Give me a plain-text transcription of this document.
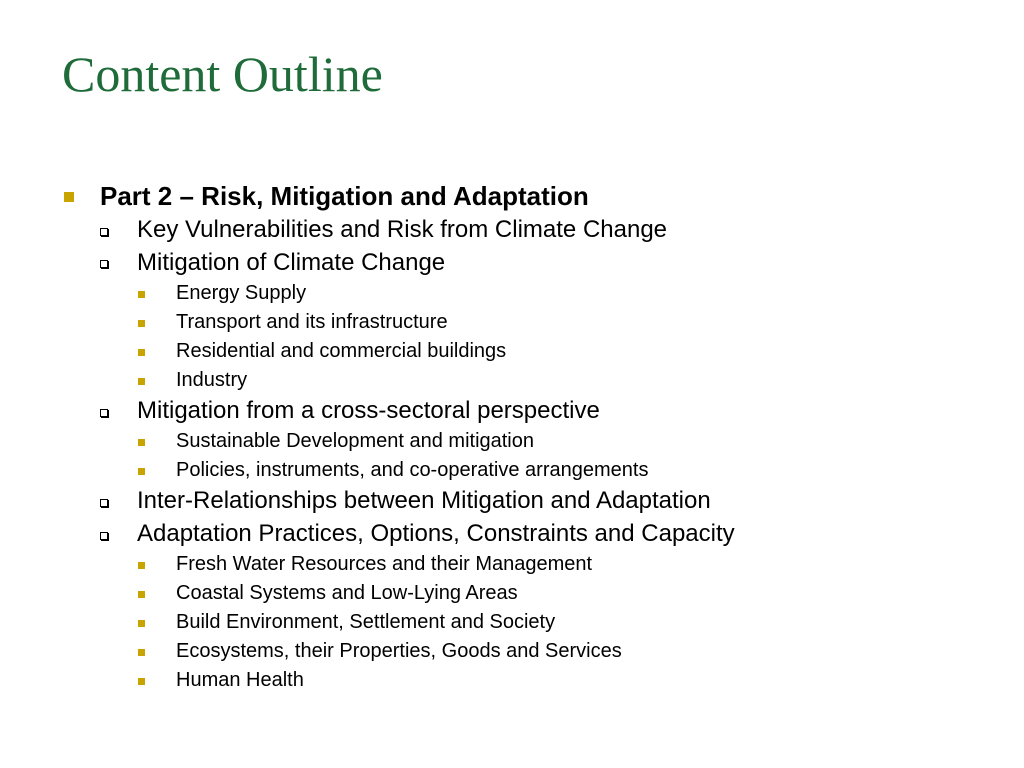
Content Outline
Part 2 – Risk, Mitigation and Adaptation
Key Vulnerabilities and Risk from Climate Change
Mitigation of Climate Change
Energy Supply
Transport and its infrastructure
Residential and commercial buildings
Industry
Mitigation from a cross-sectoral perspective
Sustainable Development and mitigation
Policies, instruments, and co-operative arrangements
Inter-Relationships between Mitigation and Adaptation
Adaptation Practices, Options, Constraints and Capacity
Fresh Water Resources and their Management
Coastal Systems and Low-Lying Areas
Build Environment, Settlement and Society
Ecosystems, their Properties, Goods and Services
Human Health
